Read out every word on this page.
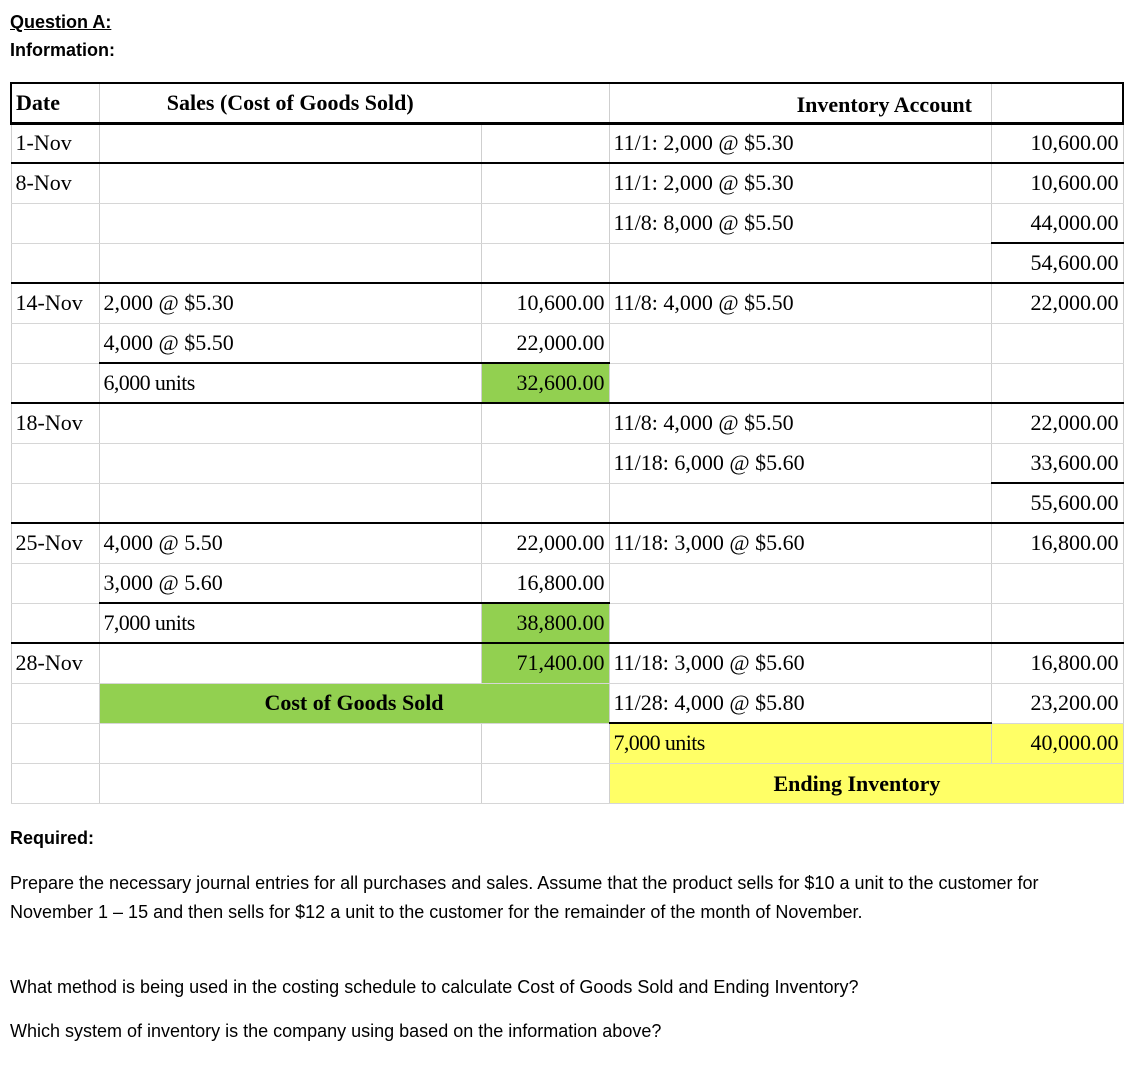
Question A:
Information:
Date	Sales (Cost of Goods Sold)			Inventory Account

1-Nov			11/1: 2,000 @ $5.30	10,600.00
8-Nov			11/1: 2,000 @ $5.30	10,600.00
			11/8: 8,000 @ $5.50	44,000.00
				54,600.00
14-Nov	2,000 @ $5.30	10,600.00	11/8: 4,000 @ $5.50	22,000.00
	4,000 @ $5.50	22,000.00		
	6,000 units	32,600.00		
18-Nov			11/8: 4,000 @ $5.50	22,000.00
			11/18: 6,000 @ $5.60	33,600.00
				55,600.00
25-Nov	4,000 @ 5.50	22,000.00	11/18: 3,000 @ $5.60	16,800.00
	3,000 @ 5.60	16,800.00		
	7,000 units	38,800.00		
28-Nov		71,400.00	11/18: 3,000 @ $5.60	16,800.00
	Cost of Goods Sold		11/28: 4,000 @ $5.80	23,200.00
			7,000 units	40,000.00

			Ending Inventory	
Required:
Prepare the necessary journal entries for all purchases and sales. Assume that the product sells for $10 a unit to the customer for November 1 – 15 and then sells for $12 a unit to the customer for the remainder of the month of November.
What method is being used in the costing schedule to calculate Cost of Goods Sold and Ending Inventory?
Which system of inventory is the company using based on the information above?
